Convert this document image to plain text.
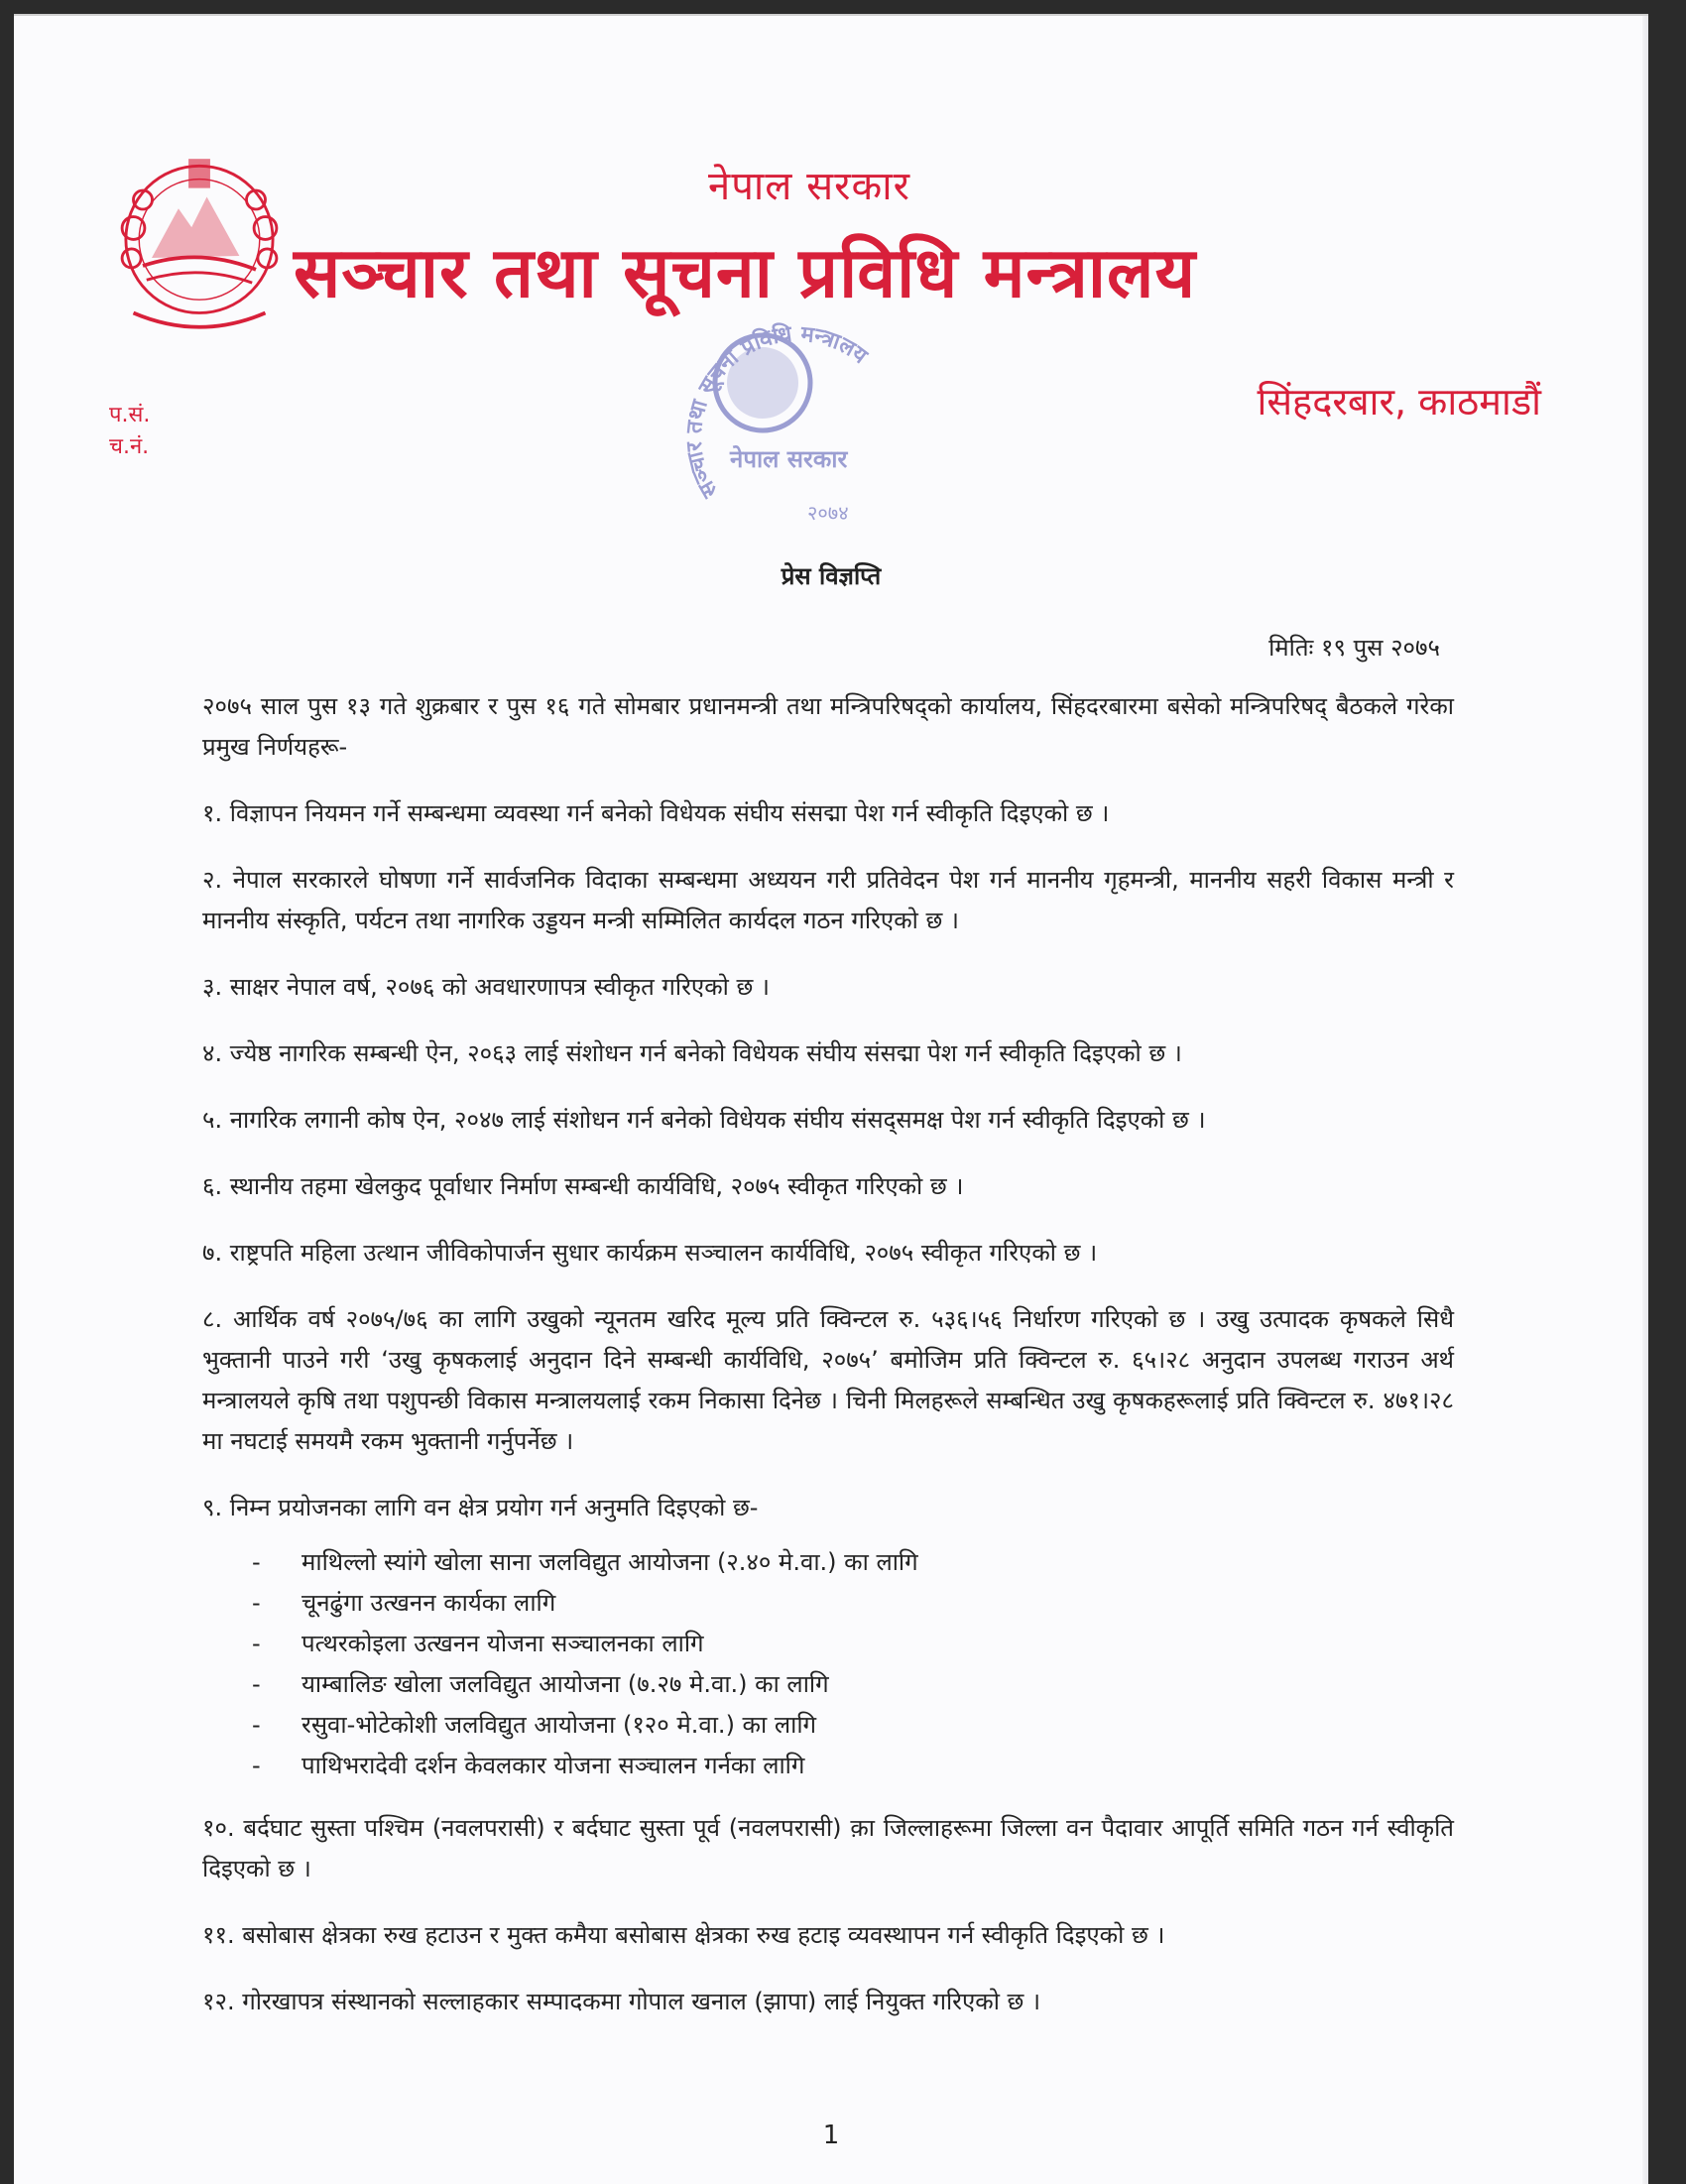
नेपाल सरकार
सञ्चार तथा सूचना प्रविधि मन्त्रालय
सिंहदरबार, काठमाडौं
प.सं.
च.नं.
सञ्चार तथा सूचना प्रविधि मन्त्रालय
नेपाल सरकार
२०७४
प्रेस विज्ञप्ति
मितिः १९ पुस २०७५

२०७५ साल पुस १३ गते शुक्रबार र पुस १६ गते सोमबार प्रधानमन्त्री तथा मन्त्रिपरिषद्को कार्यालय, सिंहदरबारमा बसेको मन्त्रिपरिषद् बैठकले गरेका प्रमुख निर्णयहरू-

१. विज्ञापन नियमन गर्ने सम्बन्धमा व्यवस्था गर्न बनेको विधेयक संघीय संसद्मा पेश गर्न स्वीकृति दिइएको छ ।

२. नेपाल सरकारले घोषणा गर्ने सार्वजनिक विदाका सम्बन्धमा अध्ययन गरी प्रतिवेदन पेश गर्न माननीय गृहमन्त्री, माननीय सहरी विकास मन्त्री र माननीय संस्कृति, पर्यटन तथा नागरिक उड्डयन मन्त्री सम्मिलित कार्यदल गठन गरिएको छ ।

३. साक्षर नेपाल वर्ष, २०७६ को अवधारणापत्र स्वीकृत गरिएको छ ।

४. ज्येष्ठ नागरिक सम्बन्धी ऐन, २०६३ लाई संशोधन गर्न बनेको विधेयक संघीय संसद्मा पेश गर्न स्वीकृति दिइएको छ ।

५. नागरिक लगानी कोष ऐन, २०४७ लाई संशोधन गर्न बनेको विधेयक संघीय संसद्समक्ष पेश गर्न स्वीकृति दिइएको छ ।

६. स्थानीय तहमा खेलकुद पूर्वाधार निर्माण सम्बन्धी कार्यविधि, २०७५ स्वीकृत गरिएको छ ।

७. राष्ट्रपति महिला उत्थान जीविकोपार्जन सुधार कार्यक्रम सञ्चालन कार्यविधि, २०७५ स्वीकृत गरिएको छ ।

८. आर्थिक वर्ष २०७५/७६ का लागि उखुको न्यूनतम खरिद मूल्य प्रति क्विन्टल रु. ५३६।५६ निर्धारण गरिएको छ । उखु उत्पादक कृषकले सिधै भुक्तानी पाउने गरी ‘उखु कृषकलाई अनुदान दिने सम्बन्धी कार्यविधि, २०७५’ बमोजिम प्रति क्विन्टल रु. ६५।२८ अनुदान उपलब्ध गराउन अर्थ मन्त्रालयले कृषि तथा पशुपन्छी विकास मन्त्रालयलाई रकम निकासा दिनेछ । चिनी मिलहरूले सम्बन्धित उखु कृषकहरूलाई प्रति क्विन्टल रु. ४७१।२८ मा नघटाई समयमै रकम भुक्तानी गर्नुपर्नेछ ।

९. निम्न प्रयोजनका लागि वन क्षेत्र प्रयोग गर्न अनुमति दिइएको छ-

- माथिल्लो स्यांगे खोला साना जलविद्युत आयोजना (२.४० मे.वा.) का लागि
- चूनढुंगा उत्खनन कार्यका लागि
- पत्थरकोइला उत्खनन योजना सञ्चालनका लागि
- याम्बालिङ खोला जलविद्युत आयोजना (७.२७ मे.वा.) का लागि
- रसुवा-भोटेकोशी जलविद्युत आयोजना (१२० मे.वा.) का लागि
- पाथिभरादेवी दर्शन केवलकार योजना सञ्चालन गर्नका लागि

१०. बर्दघाट सुस्ता पश्चिम (नवलपरासी) र बर्दघाट सुस्ता पूर्व (नवलपरासी) क़ा जिल्लाहरूमा जिल्ला वन पैदावार आपूर्ति समिति गठन गर्न स्वीकृति दिइएको छ ।

११. बसोबास क्षेत्रका रुख हटाउन र मुक्त कमैया बसोबास क्षेत्रका रुख हटाइ व्यवस्थापन गर्न स्वीकृति दिइएको छ ।

१२. गोरखापत्र संस्थानको सल्लाहकार सम्पादकमा गोपाल खनाल (झापा) लाई नियुक्त गरिएको छ ।

1
